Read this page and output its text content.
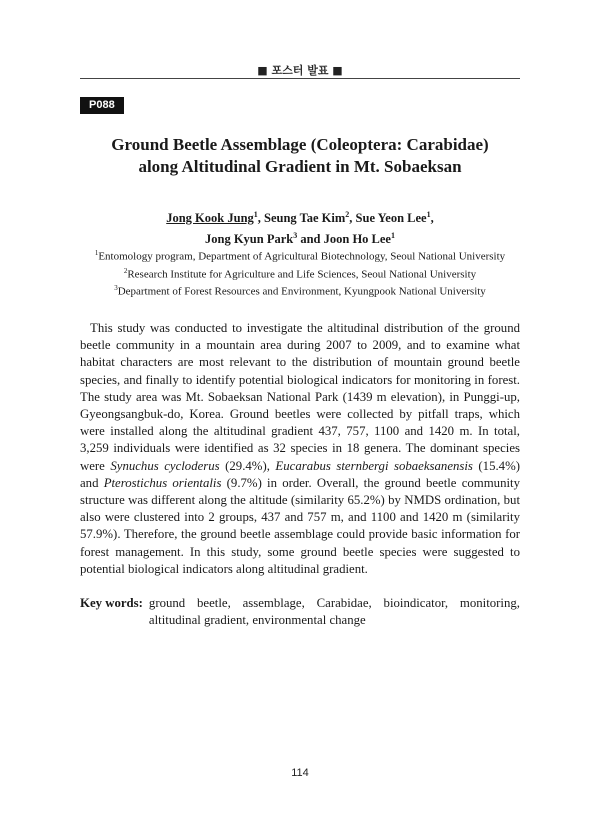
■ 포스터 발표 ■
P088
Ground Beetle Assemblage (Coleoptera: Carabidae)
along Altitudinal Gradient in Mt. Sobaeksan
Jong Kook Jung$^1$, Seung Tae Kim$^2$, Sue Yeon Lee$^1$,
Jong Kyun Park$^3$ and Joon Ho Lee$^1$
$^1$Entomology program, Department of Agricultural Biotechnology, Seoul National University
$^2$Research Institute for Agriculture and Life Sciences, Seoul National University
$^3$Department of Forest Resources and Environment, Kyungpook National University
This study was conducted to investigate the altitudinal distribution of the ground beetle community in a mountain area during 2007 to 2009, and to examine what habitat characters are most relevant to the distribution of mountain ground beetle species, and finally to identify potential biological indicators for monitoring in forest. The study area was Mt. Sobaeksan National Park (1439 m elevation), in Punggi-up, Gyeongsangbuk-do, Korea. Ground beetles were collected by pitfall traps, which were installed along the altitudinal gradient 437, 757, 1100 and 1420 m. In total, 3,259 individuals were identified as 32 species in 18 genera. The dominant species were Synuchus cycloderus (29.4%), Eucarabus sternbergi sobaeksanensis (15.4%) and Pterostichus orientalis (9.7%) in order. Overall, the ground beetle community structure was different along the altitude (similarity 65.2%) by NMDS ordination, but also were clustered into 2 groups, 437 and 757 m, and 1100 and 1420 m (similarity 57.9%). Therefore, the ground beetle assemblage could provide basic information for forest management. In this study, some ground beetle species were suggested to potential biological indicators along altitudinal gradient.
Key words: ground beetle, assemblage, Carabidae, bioindicator, monitoring, altitudinal gradient, environmental change
114
